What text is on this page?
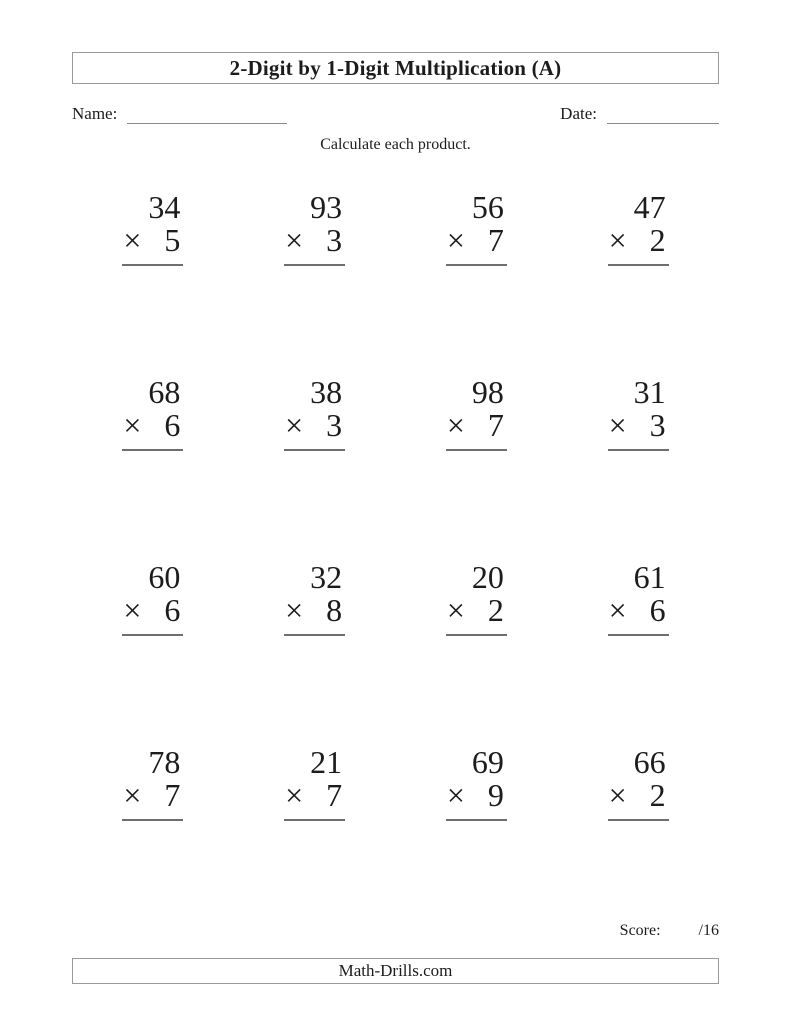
2-Digit by 1-Digit Multiplication (A)
Name:	Date:
Calculate each product.
34
× 5
93
× 3
56
× 7
47
× 2
68
× 6
38
× 3
98
× 7
31
× 3
60
× 6
32
× 8
20
× 2
61
× 6
78
× 7
21
× 7
69
× 9
66
× 2
Score: /16
Math-Drills.com
